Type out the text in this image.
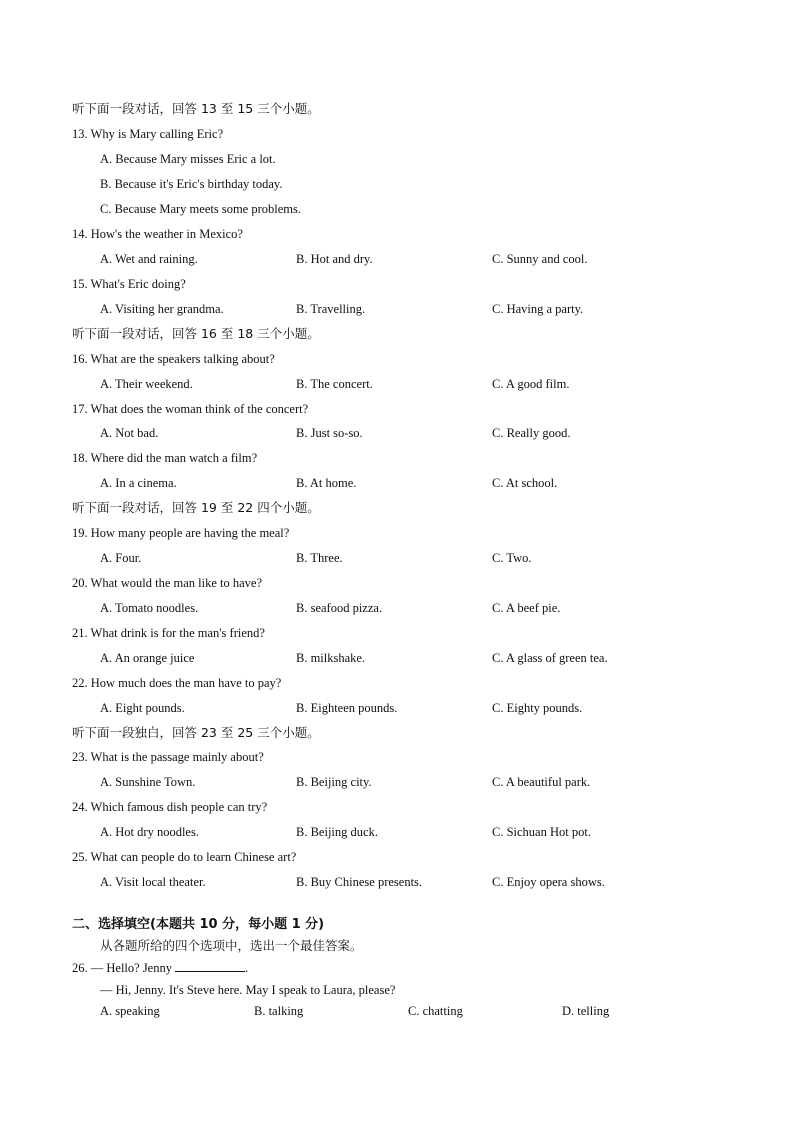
听下面一段对话，回答 13 至 15 三个小题。
13. Why is Mary calling Eric?
A. Because Mary misses Eric a lot.
B. Because it's Eric's birthday today.
C. Because Mary meets some problems.
14. How's the weather in Mexico?
A. Wet and raining.	B. Hot and dry.	C. Sunny and cool.
15. What's Eric doing?
A. Visiting her grandma.	B. Travelling.	C. Having a party.
听下面一段对话，回答 16 至 18 三个小题。
16. What are the speakers talking about?
A. Their weekend.	B. The concert.	C. A good film.
17. What does the woman think of the concert?
A. Not bad.	B. Just so-so.	C. Really good.
18. Where did the man watch a film?
A. In a cinema.	B. At home.	C. At school.
听下面一段对话，回答 19 至 22 四个小题。
19. How many people are having the meal?
A. Four.	B. Three.	C. Two.
20. What would the man like to have?
A. Tomato noodles.	B. seafood pizza.	C. A beef pie.
21. What drink is for the man's friend?
A. An orange juice	B. milkshake.	C. A glass of green tea.
22. How much does the man have to pay?
A. Eight pounds.	B. Eighteen pounds.	C. Eighty pounds.
听下面一段独白，回答 23 至 25 三个小题。
23. What is the passage mainly about?
A. Sunshine Town.	B. Beijing city.	C. A beautiful park.
24. Which famous dish people can try?
A. Hot dry noodles.	B. Beijing duck.	C. Sichuan Hot pot.
25. What can people do to learn Chinese art?
A. Visit local theater.	B. Buy Chinese presents.	C. Enjoy opera shows.
二、选择填空(本题共 10 分，每小题 1 分)
从各题所给的四个选项中，选出一个最佳答案。
26. — Hello? Jenny	.
— Hi, Jenny. It's Steve here. May I speak to Laura, please?
A. speaking	B. talking	C. chatting	D. telling
